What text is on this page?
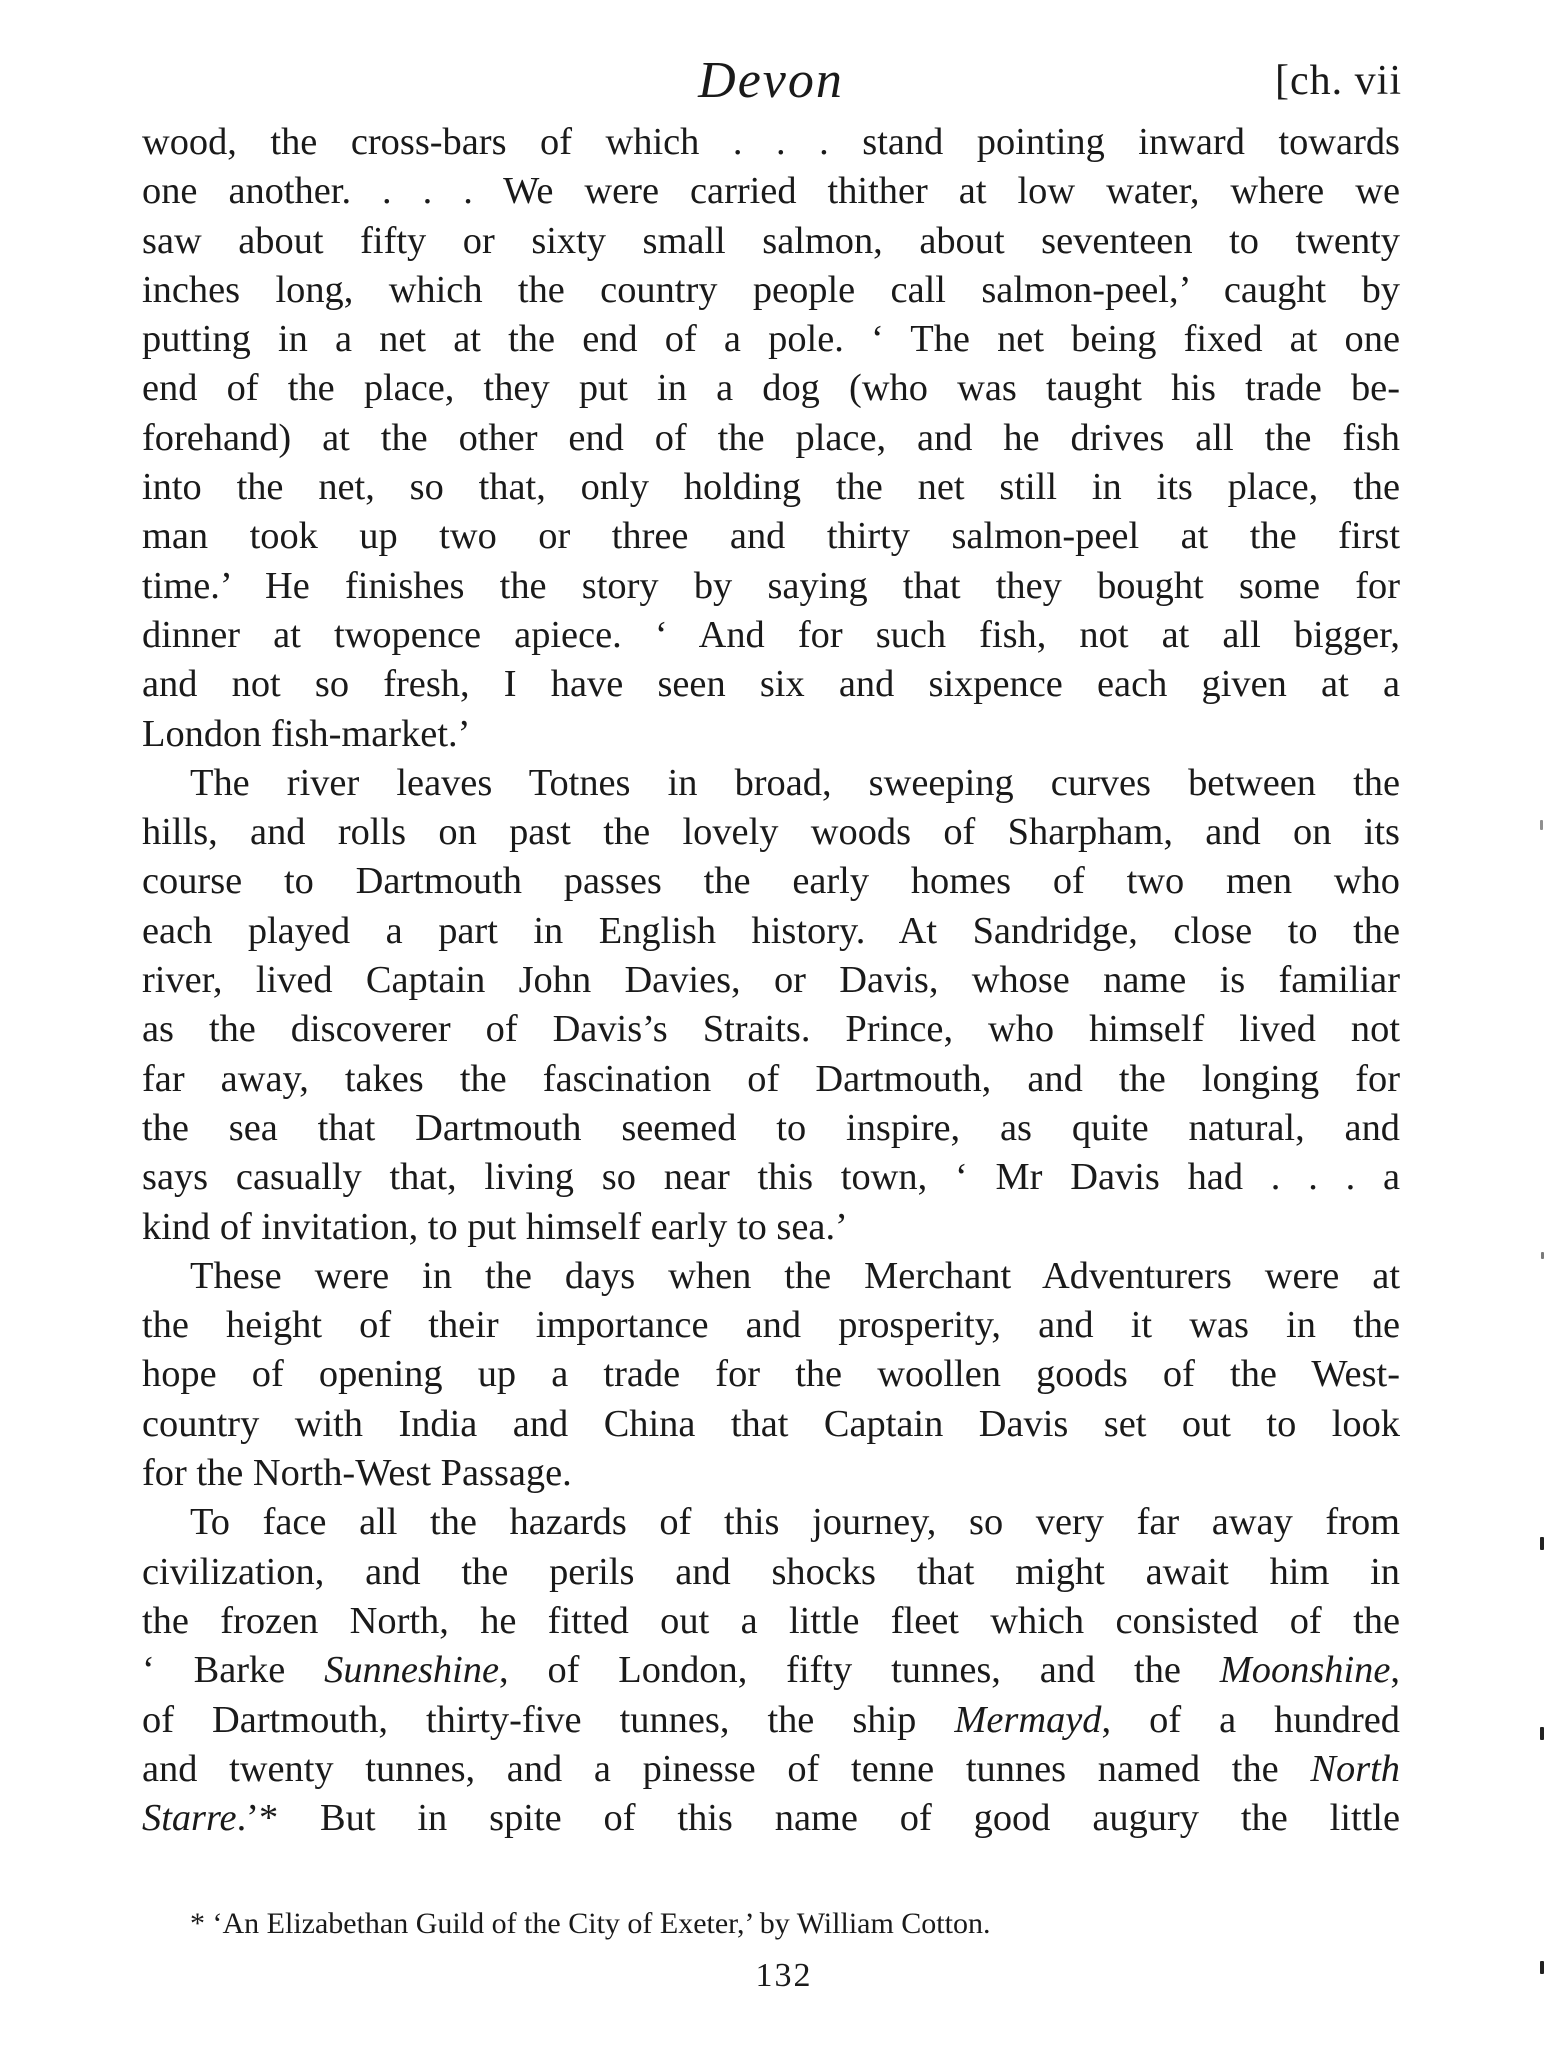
Devon	[ch. vii
wood, the cross-bars of which . . . stand pointing inward towards
one another. . . . We were carried thither at low water, where we
saw about fifty or sixty small salmon, about seventeen to twenty
inches long, which the country people call salmon-peel,’ caught by
putting in a net at the end of a pole. ‘ The net being fixed at one
end of the place, they put in a dog (who was taught his trade be-
forehand) at the other end of the place, and he drives all the fish
into the net, so that, only holding the net still in its place, the
man took up two or three and thirty salmon-peel at the first
time.’ He finishes the story by saying that they bought some for
dinner at twopence apiece. ‘ And for such fish, not at all bigger,
and not so fresh, I have seen six and sixpence each given at a
London fish-market.’
The river leaves Totnes in broad, sweeping curves between the
hills, and rolls on past the lovely woods of Sharpham, and on its
course to Dartmouth passes the early homes of two men who
each played a part in English history. At Sandridge, close to the
river, lived Captain John Davies, or Davis, whose name is familiar
as the discoverer of Davis’s Straits. Prince, who himself lived not
far away, takes the fascination of Dartmouth, and the longing for
the sea that Dartmouth seemed to inspire, as quite natural, and
says casually that, living so near this town, ‘ Mr Davis had . . . a
kind of invitation, to put himself early to sea.’
These were in the days when the Merchant Adventurers were at
the height of their importance and prosperity, and it was in the
hope of opening up a trade for the woollen goods of the West-
country with India and China that Captain Davis set out to look
for the North-West Passage.
To face all the hazards of this journey, so very far away from
civilization, and the perils and shocks that might await him in
the frozen North, he fitted out a little fleet which consisted of the
‘ Barke Sunneshine, of London, fifty tunnes, and the Moonshine,
of Dartmouth, thirty-five tunnes, the ship Mermayd, of a hundred
and twenty tunnes, and a pinesse of tenne tunnes named the North
Starre.’* But in spite of this name of good augury the little
* ‘An Elizabethan Guild of the City of Exeter,’ by William Cotton.
132
